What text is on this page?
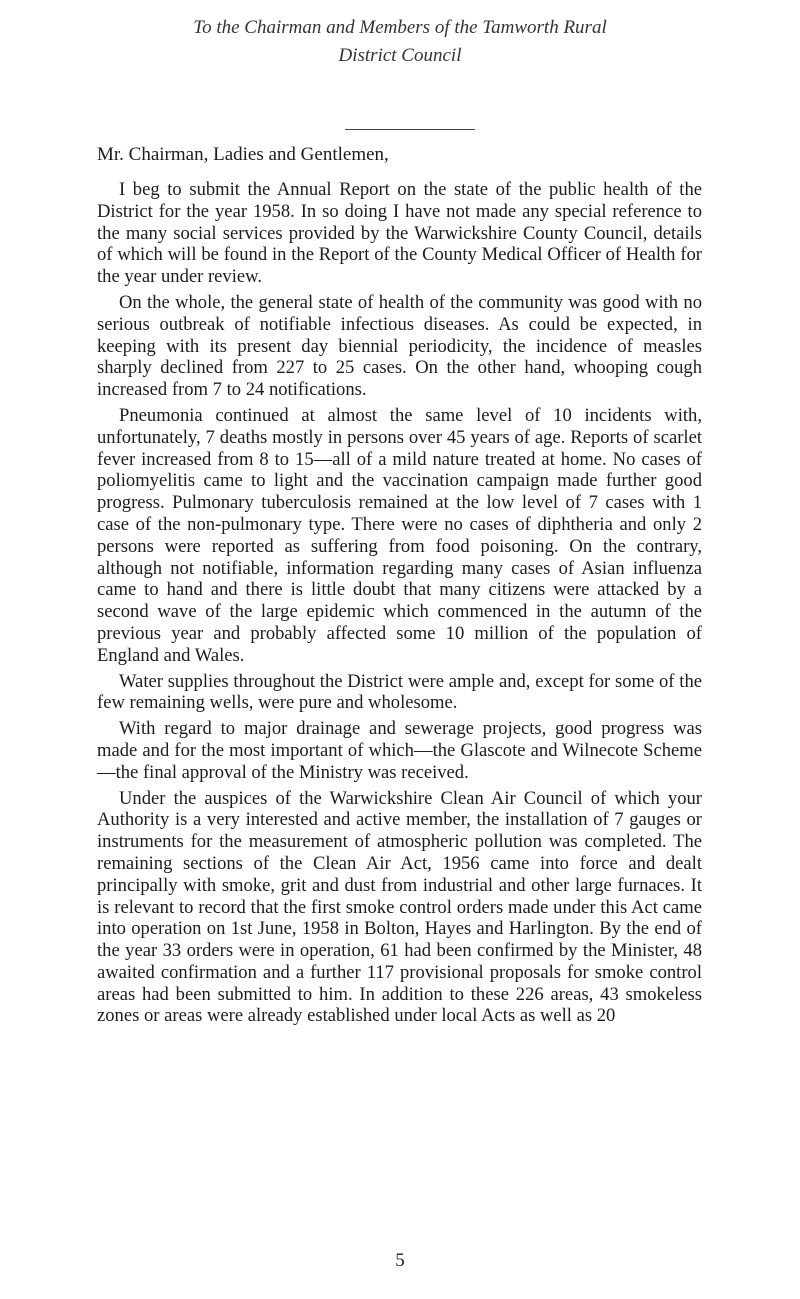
To the Chairman and Members of the Tamworth Rural
District Council
Mr. Chairman, Ladies and Gentlemen,

I beg to submit the Annual Report on the state of the public health of the District for the year 1958. In so doing I have not made any special reference to the many social services provided by the Warwickshire County Council, details of which will be found in the Report of the County Medical Officer of Health for the year under review.

On the whole, the general state of health of the community was good with no serious outbreak of notifiable infectious diseases. As could be expected, in keeping with its present day biennial periodicity, the incidence of measles sharply declined from 227 to 25 cases. On the other hand, whooping cough increased from 7 to 24 notifications.

Pneumonia continued at almost the same level of 10 incidents with, unfortunately, 7 deaths mostly in persons over 45 years of age. Reports of scarlet fever increased from 8 to 15—all of a mild nature treated at home. No cases of poliomyelitis came to light and the vaccination campaign made further good progress. Pulmonary tuberculosis remained at the low level of 7 cases with 1 case of the non-pulmonary type. There were no cases of diphtheria and only 2 persons were reported as suffering from food poisoning. On the contrary, although not notifiable, information regarding many cases of Asian influenza came to hand and there is little doubt that many citizens were attacked by a second wave of the large epidemic which commenced in the autumn of the previous year and probably affected some 10 million of the population of England and Wales.

Water supplies throughout the District were ample and, except for some of the few remaining wells, were pure and wholesome.

With regard to major drainage and sewerage projects, good progress was made and for the most important of which—the Glascote and Wilnecote Scheme—the final approval of the Ministry was received.

Under the auspices of the Warwickshire Clean Air Council of which your Authority is a very interested and active member, the installation of 7 gauges or instruments for the measurement of atmospheric pollution was completed. The remaining sections of the Clean Air Act, 1956 came into force and dealt principally with smoke, grit and dust from industrial and other large furnaces. It is relevant to record that the first smoke control orders made under this Act came into operation on 1st June, 1958 in Bolton, Hayes and Harlington. By the end of the year 33 orders were in operation, 61 had been confirmed by the Minister, 48 awaited confirmation and a further 117 provisional proposals for smoke control areas had been submitted to him. In addition to these 226 areas, 43 smokeless zones or areas were already established under local Acts as well as 20

5
